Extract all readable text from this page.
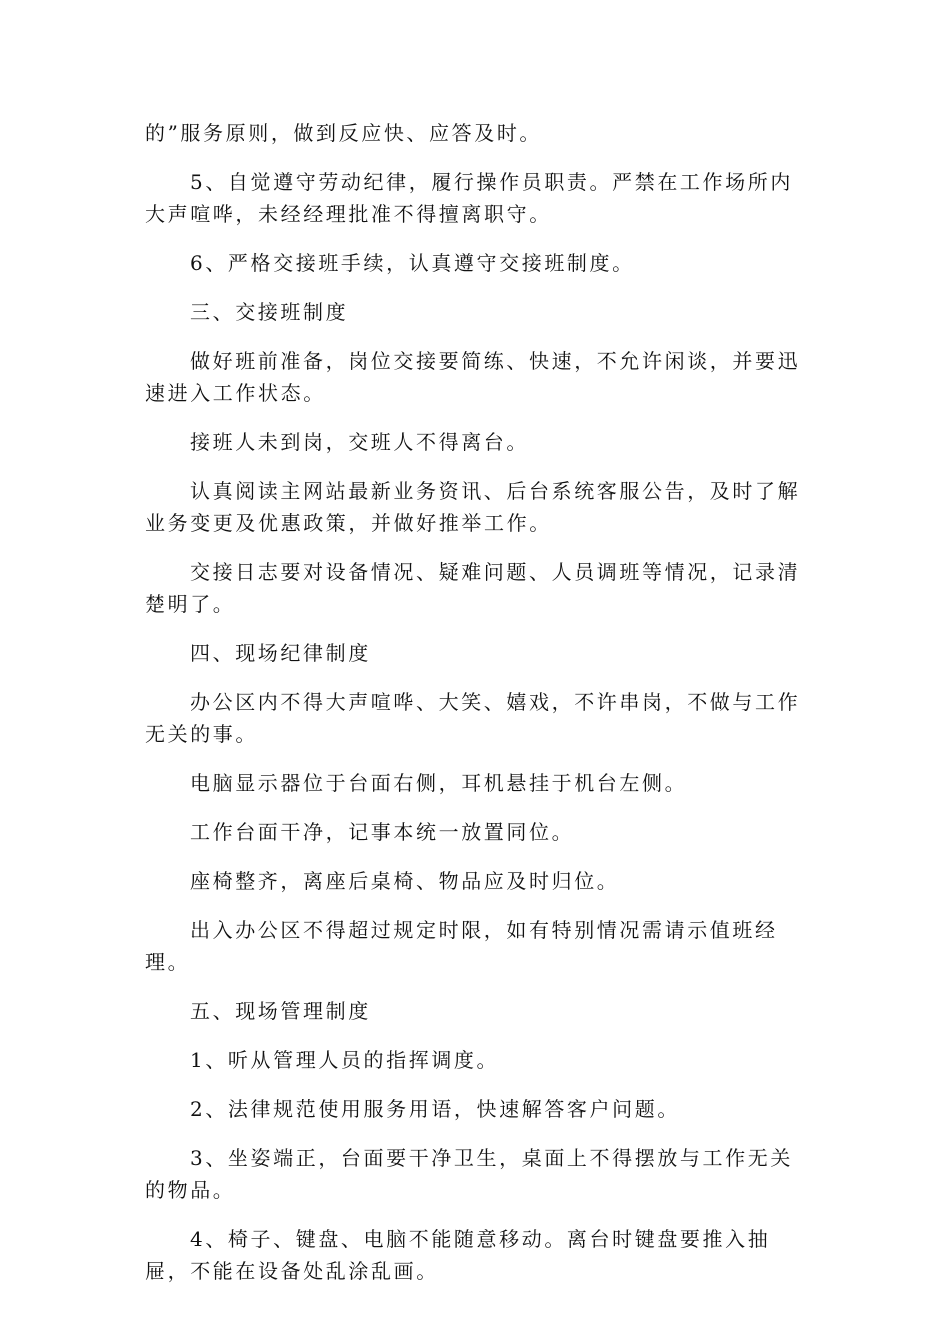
的”服务原则，做到反应快、应答及时。

5、自觉遵守劳动纪律，履行操作员职责。严禁在工作场所内大声喧哗，未经经理批准不得擅离职守。

6、严格交接班手续，认真遵守交接班制度。

三、交接班制度

做好班前准备，岗位交接要简练、快速，不允许闲谈，并要迅速进入工作状态。

接班人未到岗，交班人不得离台。

认真阅读主网站最新业务资讯、后台系统客服公告，及时了解业务变更及优惠政策，并做好推举工作。

交接日志要对设备情况、疑难问题、人员调班等情况，记录清楚明了。

四、现场纪律制度

办公区内不得大声喧哗、大笑、嬉戏，不许串岗，不做与工作无关的事。

电脑显示器位于台面右侧，耳机悬挂于机台左侧。

工作台面干净，记事本统一放置同位。

座椅整齐，离座后桌椅、物品应及时归位。

出入办公区不得超过规定时限，如有特别情况需请示值班经理。

五、现场管理制度

1、听从管理人员的指挥调度。

2、法律规范使用服务用语，快速解答客户问题。

3、坐姿端正，台面要干净卫生，桌面上不得摆放与工作无关的物品。

4、椅子、键盘、电脑不能随意移动。离台时键盘要推入抽屉，不能在设备处乱涂乱画。
